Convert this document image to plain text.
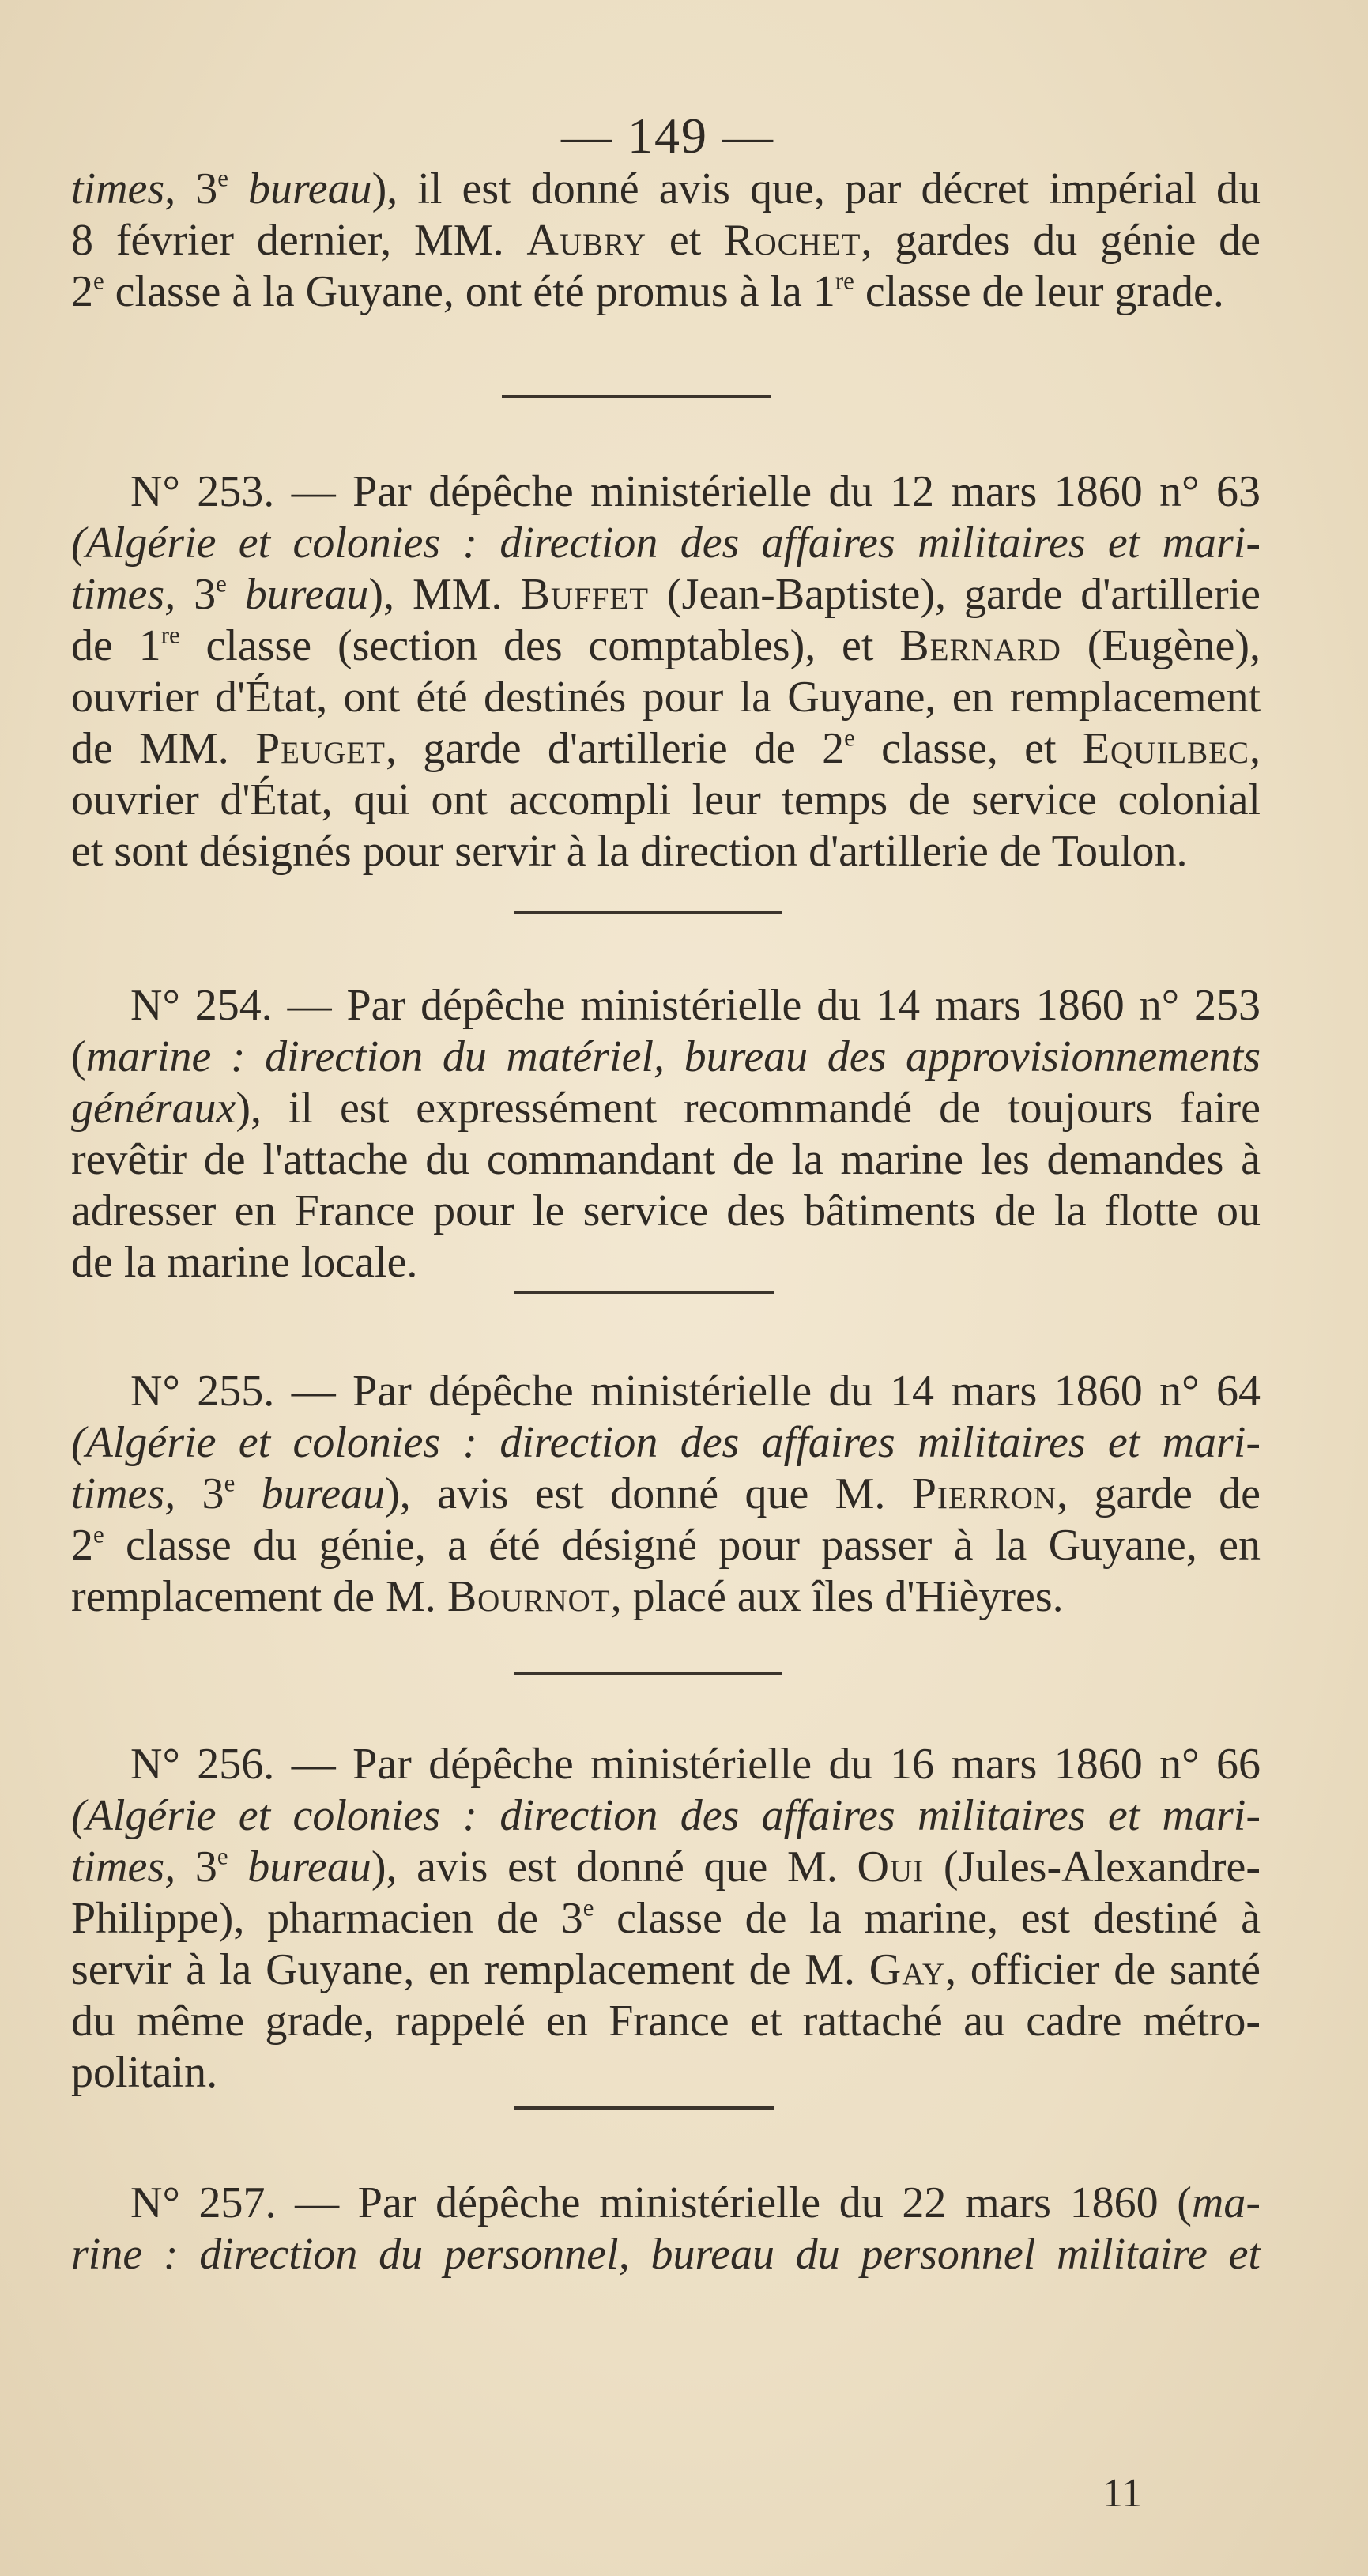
— 149 —
times, 3e bureau), il est donné avis que, par décret impérial du
8 février dernier, MM. Aubry et Rochet, gardes du génie de
2e classe à la Guyane, ont été promus à la 1re classe de leur grade.
N° 253. — Par dépêche ministérielle du 12 mars 1860 n° 63
(Algérie et colonies : direction des affaires militaires et mari-
times, 3e bureau), MM. Buffet (Jean-Baptiste), garde d'artillerie
de 1re classe (section des comptables), et Bernard (Eugène),
ouvrier d'État, ont été destinés pour la Guyane, en remplacement
de MM. Peuget, garde d'artillerie de 2e classe, et Equilbec,
ouvrier d'État, qui ont accompli leur temps de service colonial
et sont désignés pour servir à la direction d'artillerie de Toulon.
N° 254. — Par dépêche ministérielle du 14 mars 1860 n° 253
(marine : direction du matériel, bureau des approvisionnements
généraux), il est expressément recommandé de toujours faire
revêtir de l'attache du commandant de la marine les demandes à
adresser en France pour le service des bâtiments de la flotte ou
de la marine locale.
N° 255. — Par dépêche ministérielle du 14 mars 1860 n° 64
(Algérie et colonies : direction des affaires militaires et mari-
times, 3e bureau), avis est donné que M. Pierron, garde de
2e classe du génie, a été désigné pour passer à la Guyane, en
remplacement de M. Bournot, placé aux îles d'Hièyres.
N° 256. — Par dépêche ministérielle du 16 mars 1860 n° 66
(Algérie et colonies : direction des affaires militaires et mari-
times, 3e bureau), avis est donné que M. Oui (Jules-Alexandre-
Philippe), pharmacien de 3e classe de la marine, est destiné à
servir à la Guyane, en remplacement de M. Gay, officier de santé
du même grade, rappelé en France et rattaché au cadre métro-
politain.
N° 257. — Par dépêche ministérielle du 22 mars 1860 (ma-
rine : direction du personnel, bureau du personnel militaire et
11
